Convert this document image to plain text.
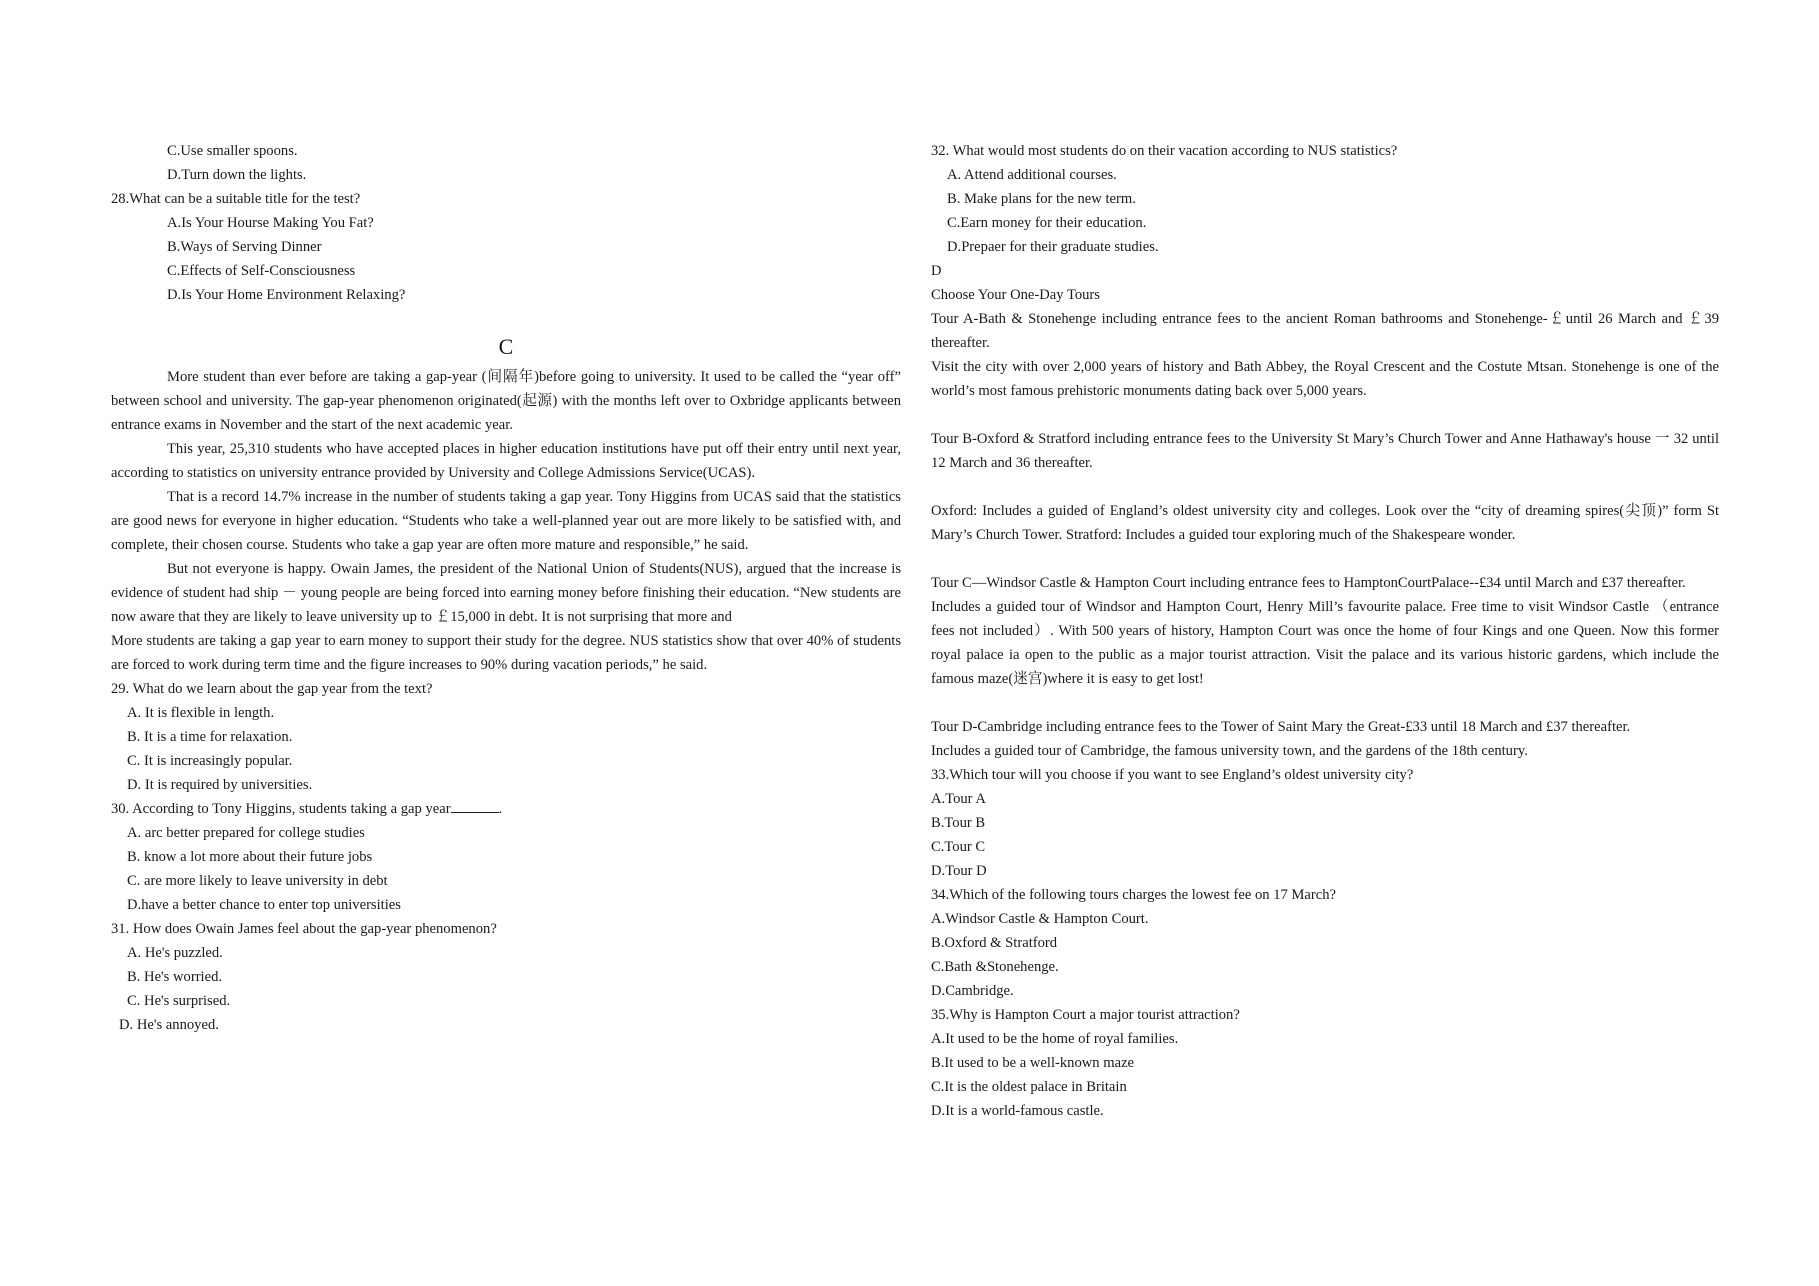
C.Use smaller spoons.
D.Turn down the lights.
28.What can be a suitable title for the test?
A.Is Your Hourse Making You Fat?
B.Ways of Serving Dinner
C.Effects of Self-Consciousness
D.Is Your Home Environment Relaxing?
C

More student than ever before are taking a gap-year (间隔年)before going to university. It used to be called the “year off” between school and university. The gap-year phenomenon originated(起源) with the months left over to Oxbridge applicants between entrance exams in November and the start of the next academic year.

This year, 25,310 students who have accepted places in higher education institutions have put off their entry until next year, according to statistics on university entrance provided by University and College Admissions Service(UCAS).

That is a record 14.7% increase in the number of students taking a gap year. Tony Higgins from UCAS said that the statistics are good news for everyone in higher education. “Students who take a well-planned year out are more likely to be satisfied with, and complete, their chosen course. Students who take a gap year are often more mature and responsible,” he said.

But not everyone is happy. Owain James, the president of the National Union of Students(NUS), argued that the increase is evidence of student had ship － young people are being forced into earning money before finishing their education. “New students are now aware that they are likely to leave university up to ￡15,000 in debt. It is not surprising that more and

More students are taking a gap year to earn money to support their study for the degree. NUS statistics show that over 40% of students are forced to work during term time and the figure increases to 90% during vacation periods,” he said.

29. What do we learn about the gap year from the text?
A. It is flexible in length.
B. It is a time for relaxation.
C. It is increasingly popular.
D. It is required by universities.
30. According to Tony Higgins, students taking a gap year	.
A. arc better prepared for college studies
B. know a lot more about their future jobs
C. are more likely to leave university in debt
D.have a better chance to enter top universities
31. How does Owain James feel about the gap-year phenomenon?
A. He's puzzled.
B. He's worried.
C. He's surprised.
D. He's annoyed.
32. What would most students do on their vacation according to NUS statistics?
A. Attend additional courses.
B. Make plans for the new term.
C.Earn money for their education.
D.Prepaer for their graduate studies.
D
Choose Your One-Day Tours

Tour A-Bath & Stonehenge including entrance fees to the ancient Roman bathrooms and Stonehenge-￡until 26 March and ￡39 thereafter.

Visit the city with over 2,000 years of history and Bath Abbey, the Royal Crescent and the Costute Mtsan. Stonehenge is one of the world’s most famous prehistoric monuments dating back over 5,000 years.

Tour B-Oxford & Stratford including entrance fees to the University St Mary’s Church Tower and Anne Hathaway's house 一 32 until 12 March and 36 thereafter.

Oxford: Includes a guided of England’s oldest university city and colleges. Look over the “city of dreaming spires(尖顶)” form St Mary’s Church Tower. Stratford: Includes a guided tour exploring much of the Shakespeare wonder.

Tour C—Windsor Castle & Hampton Court including entrance fees to HamptonCourtPalace--£34 until March and £37 thereafter.

Includes a guided tour of Windsor and Hampton Court, Henry Mill’s favourite palace. Free time to visit Windsor Castle （entrance fees not included）. With 500 years of history, Hampton Court was once the home of four Kings and one Queen. Now this former royal palace ia open to the public as a major tourist attraction. Visit the palace and its various historic gardens, which include the famous maze(迷宫)where it is easy to get lost!

Tour D-Cambridge including entrance fees to the Tower of Saint Mary the Great-£33 until 18 March and £37 thereafter.

Includes a guided tour of Cambridge, the famous university town, and the gardens of the 18th century.

33.Which tour will you choose if you want to see England’s oldest university city?
A.Tour A
B.Tour B
C.Tour C
D.Tour D
34.Which of the following tours charges the lowest fee on 17 March?
A.Windsor Castle & Hampton Court.
B.Oxford & Stratford
C.Bath &Stonehenge.
D.Cambridge.
35.Why is Hampton Court a major tourist attraction?
A.It used to be the home of royal families.
B.It used to be a well-known maze
C.It is the oldest palace in Britain
D.It is a world-famous castle.
